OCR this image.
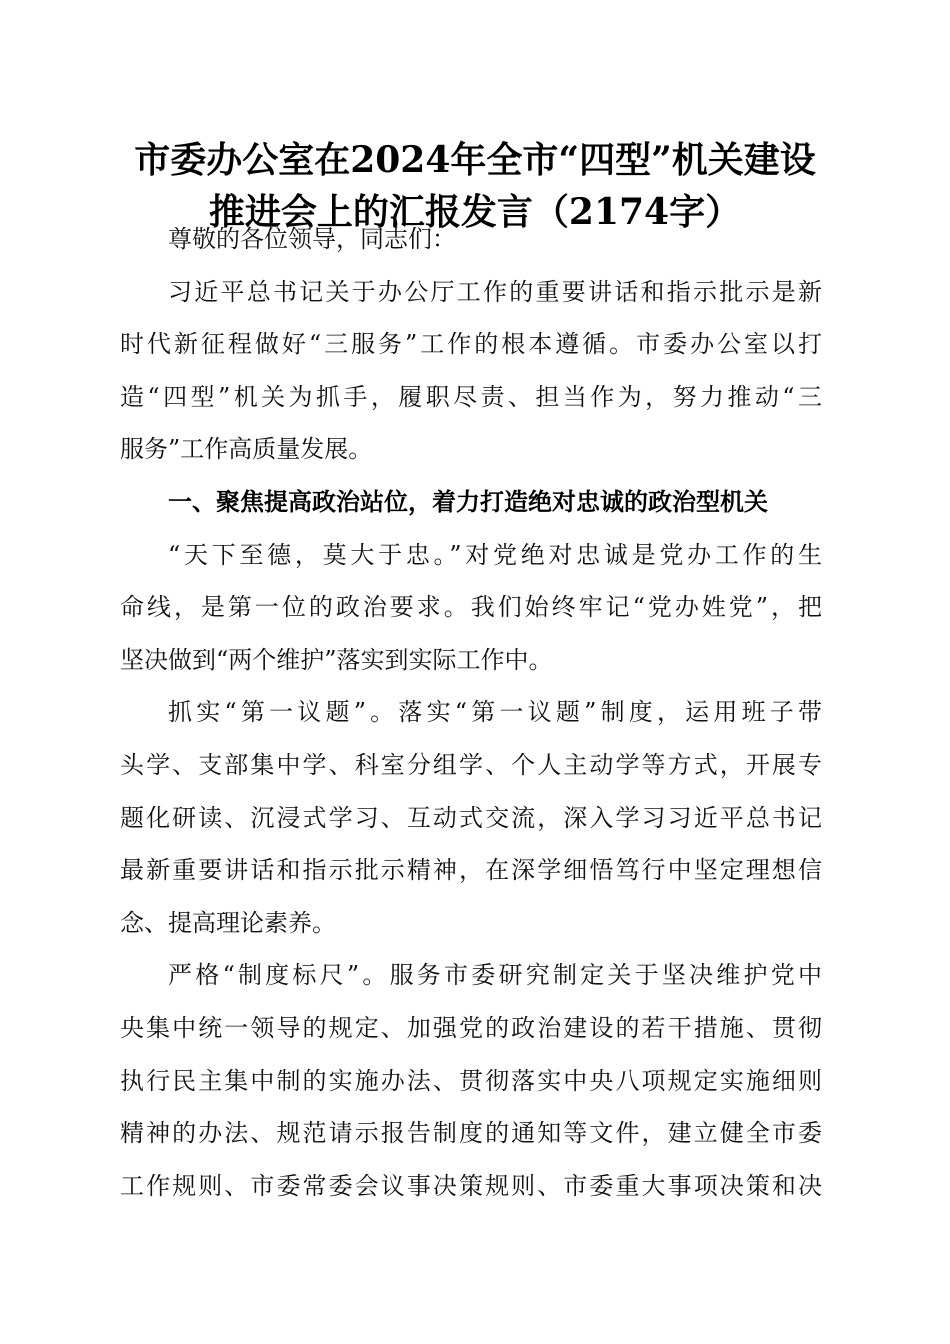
市委办公室在2024年全市“四型”机关建设
推进会上的汇报发言（2174字）
尊敬的各位领导，同志们：
习近平总书记关于办公厅工作的重要讲话和指示批示是新
时代新征程做好“三服务”工作的根本遵循。市委办公室以打
造“四型”机关为抓手，履职尽责、担当作为，努力推动“三
服务”工作高质量发展。
一、聚焦提高政治站位，着力打造绝对忠诚的政治型机关
“天下至德，莫大于忠。”对党绝对忠诚是党办工作的生
命线，是第一位的政治要求。我们始终牢记“党办姓党”，把
坚决做到“两个维护”落实到实际工作中。
抓实“第一议题”。落实“第一议题”制度，运用班子带
头学、支部集中学、科室分组学、个人主动学等方式，开展专
题化研读、沉浸式学习、互动式交流，深入学习习近平总书记
最新重要讲话和指示批示精神，在深学细悟笃行中坚定理想信
念、提高理论素养。
严格“制度标尺”。服务市委研究制定关于坚决维护党中
央集中统一领导的规定、加强党的政治建设的若干措施、贯彻
执行民主集中制的实施办法、贯彻落实中央八项规定实施细则
精神的办法、规范请示报告制度的通知等文件，建立健全市委
工作规则、市委常委会议事决策规则、市委重大事项决策和决
